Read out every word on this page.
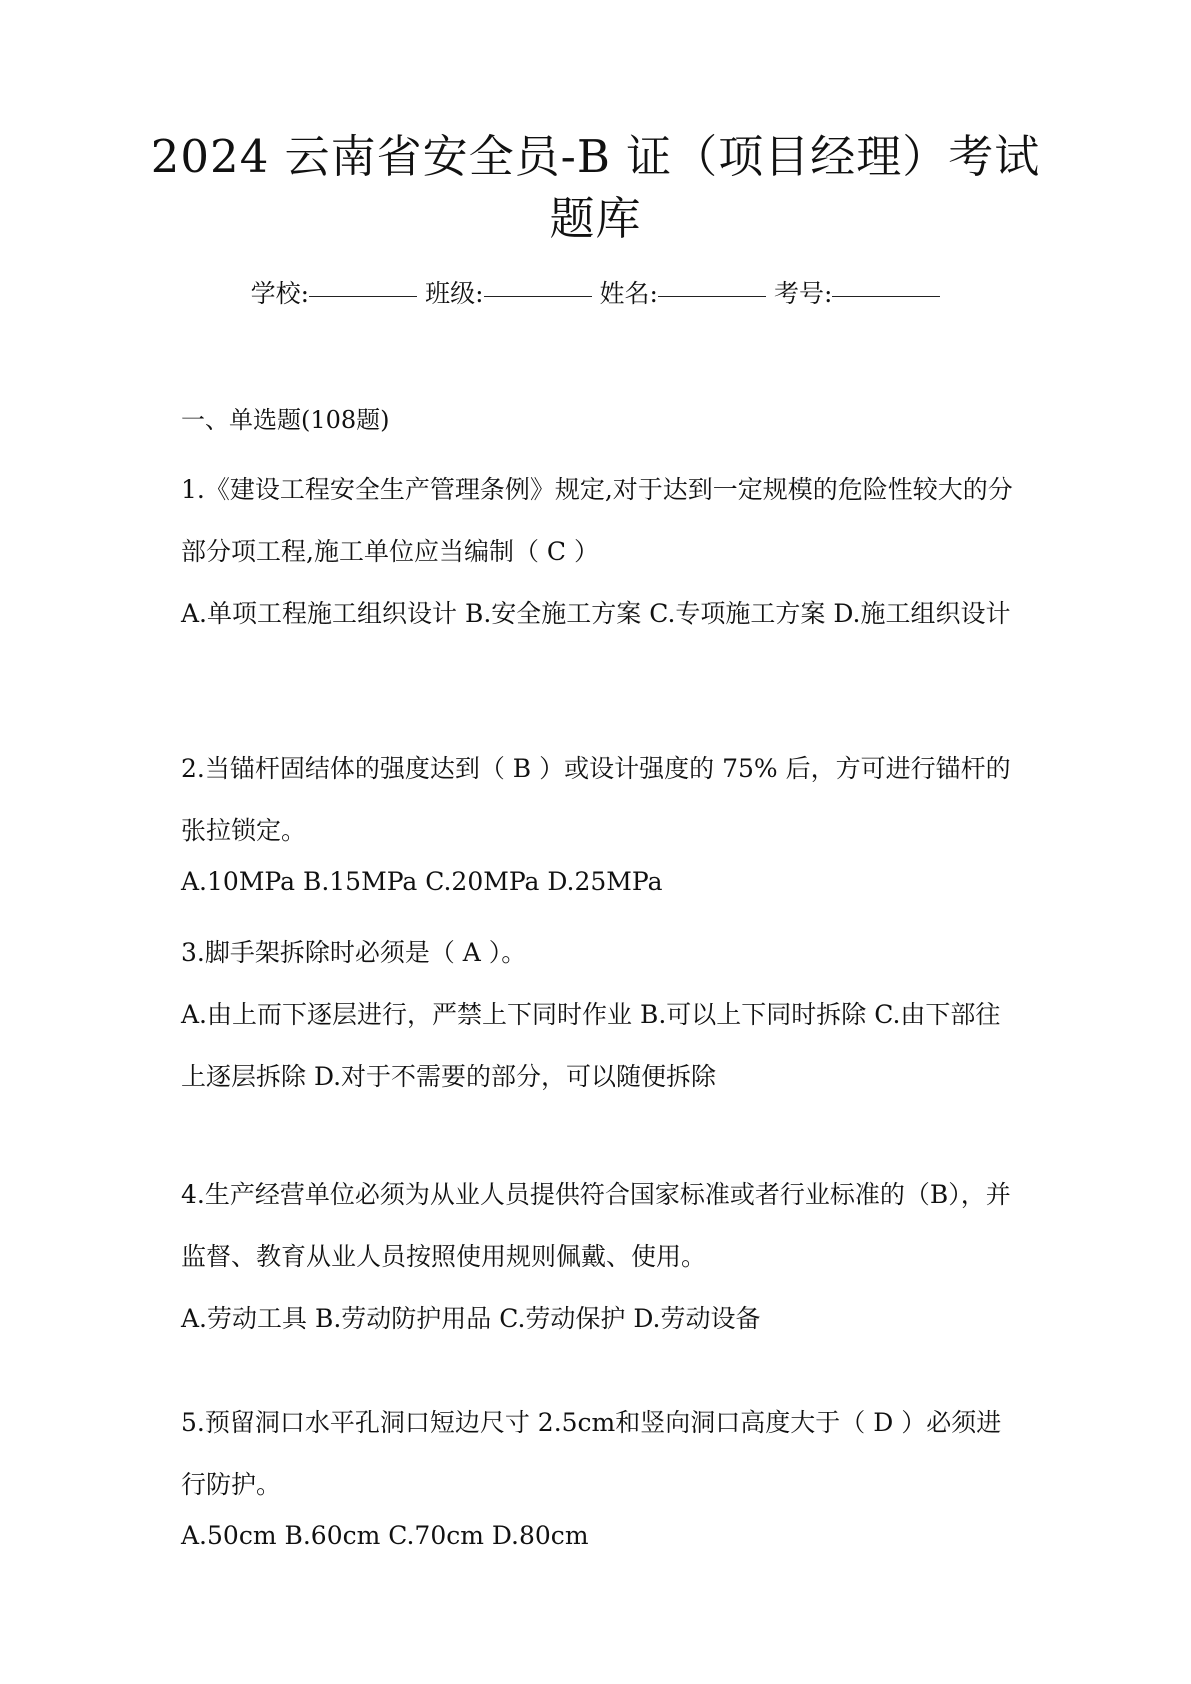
2024 云南省安全员-B 证（项目经理）考试
题库
学校:	班级:	姓名:	考号:
一、单选题(108题)

1.《建设工程安全生产管理条例》规定,对于达到一定规模的危险性较大的分部分项工程,施工单位应当编制（ C ）

A.单项工程施工组织设计 B.安全施工方案 C.专项施工方案 D.施工组织设计

2.当锚杆固结体的强度达到（ B ）或设计强度的 75% 后，方可进行锚杆的张拉锁定。

A.10MPa B.15MPa C.20MPa D.25MPa

3.脚手架拆除时必须是（ A ）。

A.由上而下逐层进行，严禁上下同时作业 B.可以上下同时拆除 C.由下部往上逐层拆除 D.对于不需要的部分，可以随便拆除

4.生产经营单位必须为从业人员提供符合国家标准或者行业标准的（B），并监督、教育从业人员按照使用规则佩戴、使用。

A.劳动工具 B.劳动防护用品 C.劳动保护 D.劳动设备

5.预留洞口水平孔洞口短边尺寸 2.5cm和竖向洞口高度大于（ D ）必须进行防护。

A.50cm B.60cm C.70cm D.80cm
